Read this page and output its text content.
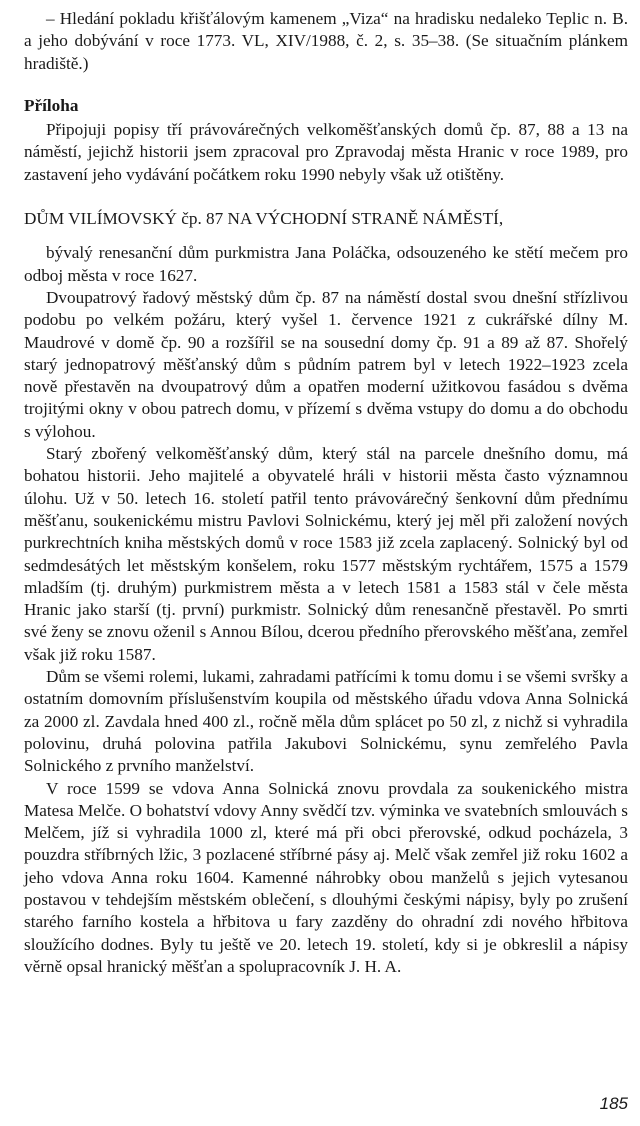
– Hledání pokladu křišťálovým kamenem „Viza“ na hradisku nedaleko Teplic n. B. a jeho dobývání v roce 1773. VL, XIV/1988, č. 2, s. 35–38. (Se situačním plánkem hradiště.)

Příloha

Připojuji popisy tří právovárečných velkoměšťanských domů čp. 87, 88 a 13 na náměstí, jejichž historii jsem zpracoval pro Zpravodaj města Hranic v roce 1989, pro zastavení jeho vydávání počátkem roku 1990 nebyly však už otištěny.

DŮM VILÍMOVSKÝ čp. 87 NA VÝCHODNÍ STRANĚ NÁMĚSTÍ,

bývalý renesanční dům purkmistra Jana Poláčka, odsouzeného ke stětí mečem pro odboj města v roce 1627.

Dvoupatrový řadový městský dům čp. 87 na náměstí dostal svou dnešní střízlivou podobu po velkém požáru, který vyšel 1. července 1921 z cukrářské dílny M. Maudrové v domě čp. 90 a rozšířil se na sousední domy čp. 91 a 89 až 87. Shořelý starý jednopatrový měšťanský dům s půdním patrem byl v letech 1922–1923 zcela nově přestavěn na dvoupatrový dům a opatřen moderní užitkovou fasádou s dvěma trojitými okny v obou patrech domu, v přízemí s dvěma vstupy do domu a do obchodu s výlohou.

Starý zbořený velkoměšťanský dům, který stál na parcele dnešního domu, má bohatou historii. Jeho majitelé a obyvatelé hráli v historii města často významnou úlohu. Už v 50. letech 16. století patřil tento právovárečný šenkovní dům přednímu měšťanu, soukenickému mistru Pavlovi Solnickému, který jej měl při založení nových purkrechtních kniha městských domů v roce 1583 již zcela zaplacený. Solnický byl od sedmdesátých let městským konšelem, roku 1577 městským rychtářem, 1575 a 1579 mladším (tj. druhým) purkmistrem města a v letech 1581 a 1583 stál v čele města Hranic jako starší (tj. první) purkmistr. Solnický dům renesančně přestavěl. Po smrti své ženy se znovu oženil s Annou Bílou, dcerou předního přerovského měšťana, zemřel však již roku 1587.

Dům se všemi rolemi, lukami, zahradami patřícími k tomu domu i se všemi svršky a ostatním domovním příslušenstvím koupila od městského úřadu vdova Anna Solnická za 2000 zl. Zavdala hned 400 zl., ročně měla dům splácet po 50 zl, z nichž si vyhradila polovinu, druhá polovina patřila Jakubovi Solnickému, synu zemřelého Pavla Solnického z prvního manželství.

V roce 1599 se vdova Anna Solnická znovu provdala za soukenického mistra Matesa Melče. O bohatství vdovy Anny svědčí tzv. výminka ve svatebních smlouvách s Melčem, jíž si vyhradila 1000 zl, které má při obci přerovské, odkud pocházela, 3 pouzdra stříbrných lžic, 3 pozlacené stříbrné pásy aj. Melč však zemřel již roku 1602 a jeho vdova Anna roku 1604. Kamenné náhrobky obou manželů s jejich vytesanou postavou v tehdejším městském oblečení, s dlouhými českými nápisy, byly po zrušení starého farního kostela a hřbitova u fary zazděny do ohradní zdi nového hřbitova sloužícího dodnes. Byly tu ještě ve 20. letech 19. století, kdy si je obkreslil a nápisy věrně opsal hranický měšťan a spolupracovník J. H. A.

185
